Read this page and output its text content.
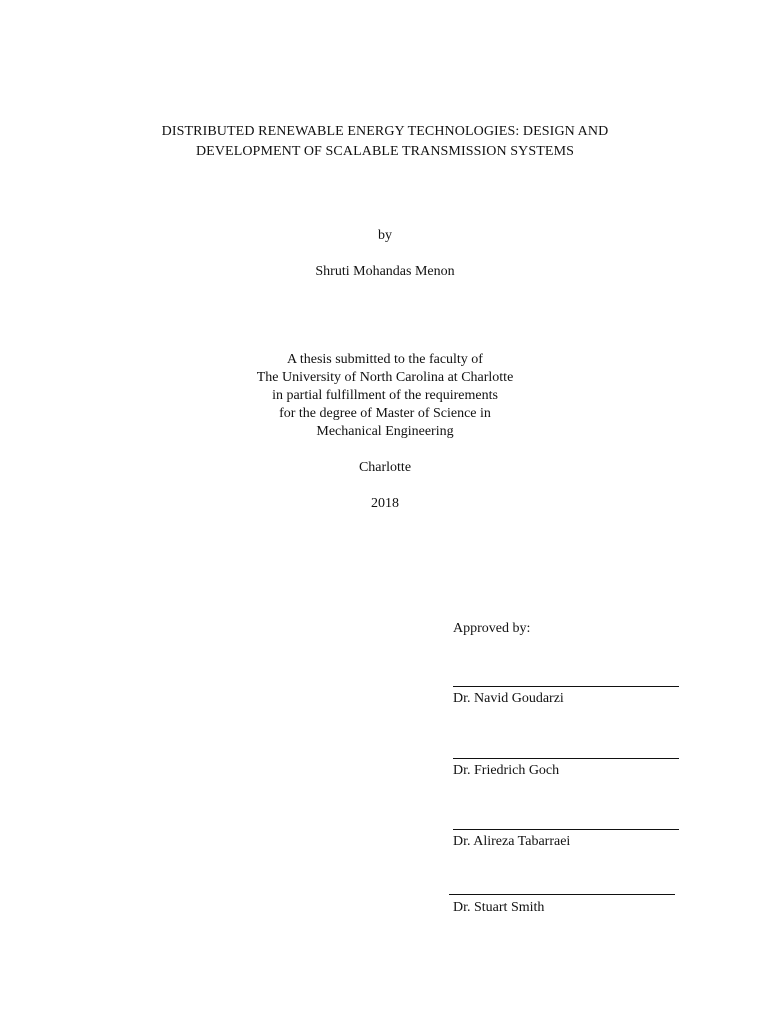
DISTRIBUTED RENEWABLE ENERGY TECHNOLOGIES: DESIGN AND
DEVELOPMENT OF SCALABLE TRANSMISSION SYSTEMS
by
Shruti Mohandas Menon
A thesis submitted to the faculty of
The University of North Carolina at Charlotte
in partial fulfillment of the requirements
for the degree of Master of Science in
Mechanical Engineering
Charlotte
2018
Approved by:
Dr. Navid Goudarzi
Dr. Friedrich Goch
Dr. Alireza Tabarraei
Dr. Stuart Smith
